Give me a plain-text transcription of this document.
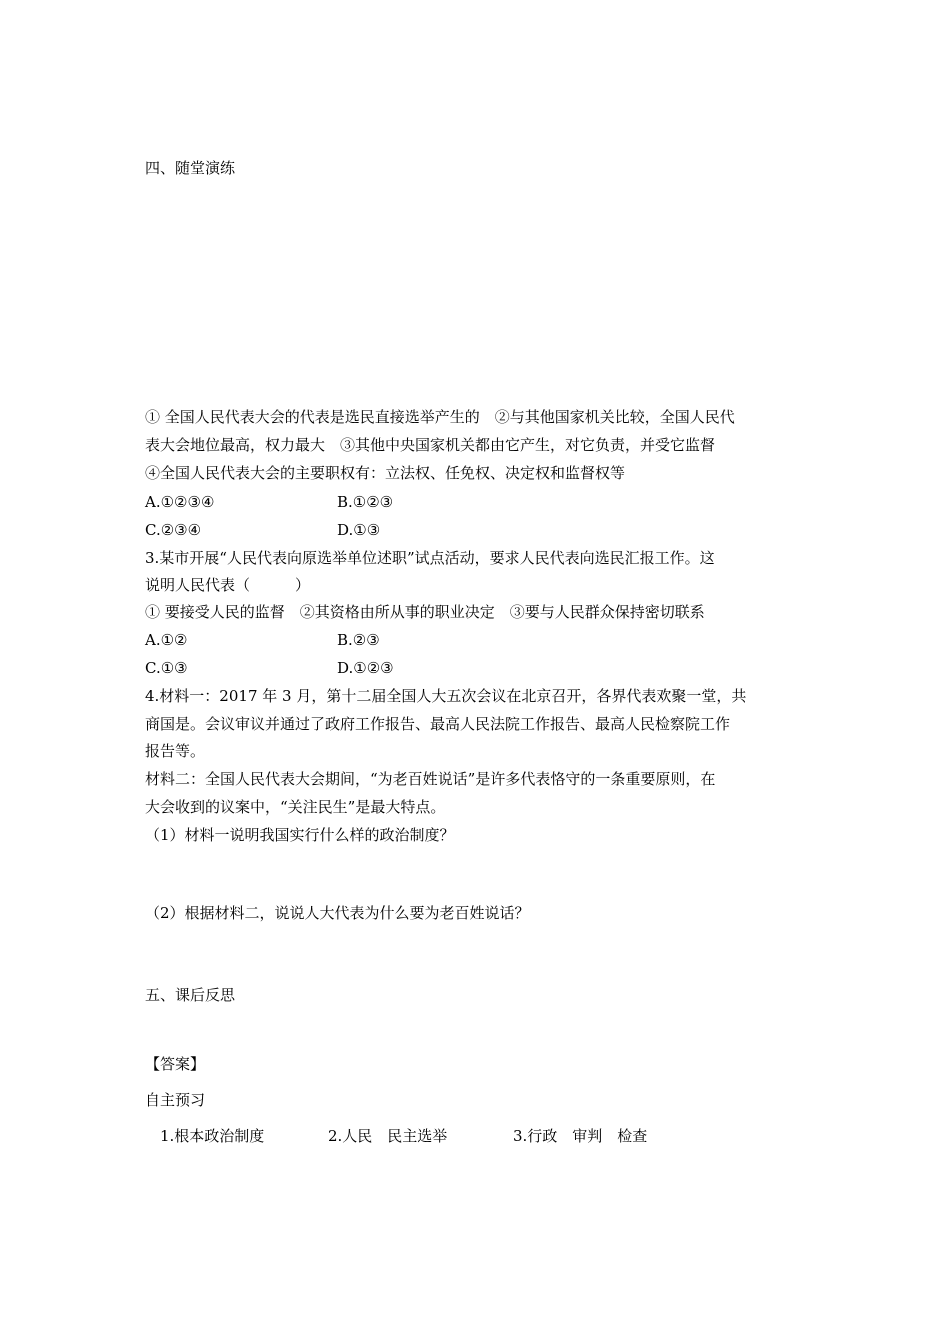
四、随堂演练
① 全国人民代表大会的代表是选民直接选举产生的　②与其他国家机关比较，全国人民代
表大会地位最高，权力最大　③其他中央国家机关都由它产生，对它负责，并受它监督
④全国人民代表大会的主要职权有：立法权、任免权、决定权和监督权等
A.①②③④	B.①②③
C.②③④	D.①③
3.某市开展“人民代表向原选举单位述职”试点活动，要求人民代表向选民汇报工作。这
说明人民代表（　　　）
① 要接受人民的监督　②其资格由所从事的职业决定　③要与人民群众保持密切联系
A.①②	B.②③
C.①③	D.①②③
4.材料一：2017 年 3 月，第十二届全国人大五次会议在北京召开，各界代表欢聚一堂，共
商国是。会议审议并通过了政府工作报告、最高人民法院工作报告、最高人民检察院工作
报告等。
材料二：全国人民代表大会期间，“为老百姓说话”是许多代表恪守的一条重要原则，在
大会收到的议案中，“关注民生”是最大特点。
（1）材料一说明我国实行什么样的政治制度？
（2）根据材料二，说说人大代表为什么要为老百姓说话？
五、课后反思
【答案】
自主预习
1.根本政治制度	2.人民　民主选举	3.行政　审判　检查
